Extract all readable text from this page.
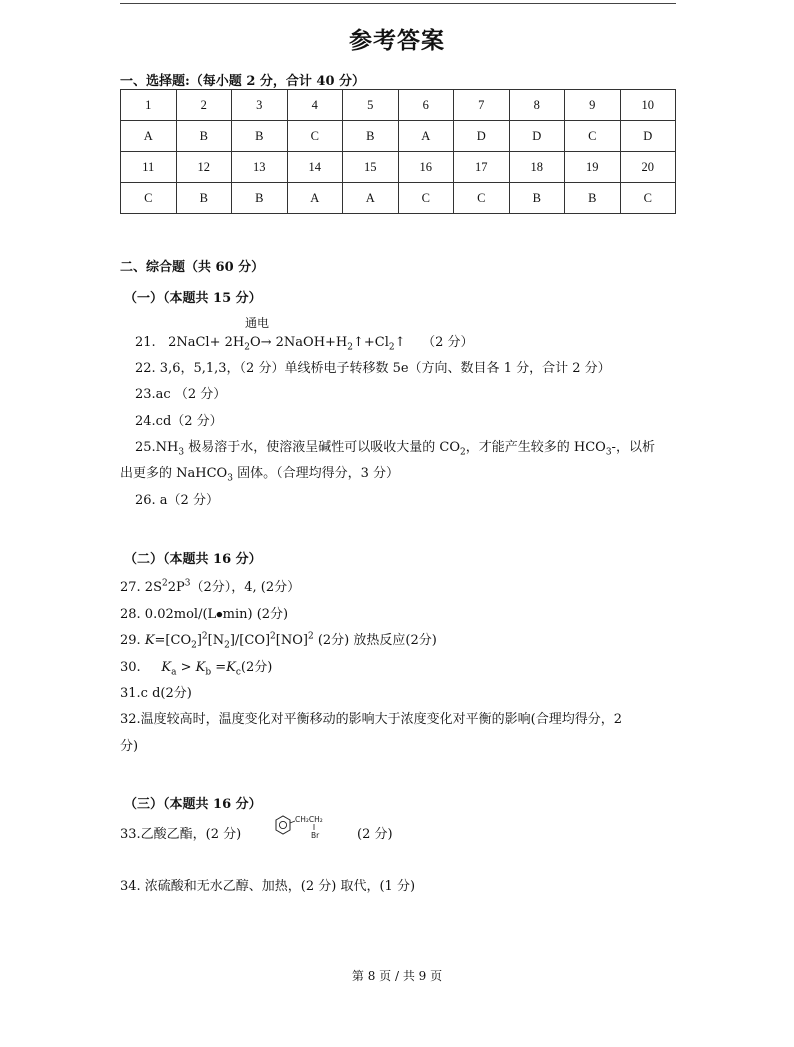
参考答案
一、选择题:（每小题 2 分，合计 40 分）
1	2	3	4	5	6	7	8	9	10
A	B	B	C	B	A	D	D	C	D
11	12	13	14	15	16	17	18	19	20
C	B	B	A	A	C	C	B	B	C
二、综合题（共 60 分）
（一）（本题共 15 分）
通电
21. 2NaCl+ $2H_2O\to$ $2NaOH+H_2↑+Cl_2↑$ （2 分）
22. 3,6，5,1,3，（2 分）单线桥电子转移数 5e（方向、数目各 1 分，合计 2 分）
23.ac （2 分）
24.cd（2 分）
$25.NH_3$ 极易溶于水，使溶液呈碱性可以吸收大量的 $CO_2$，才能产生较多的 $HCO_3-$，以析
出更多的 NaHCO$_3$ 固体。（合理均得分，3 分）
26. a（2 分）
（二）（本题共 16 分）
27. $2S^22P^3(2$分），4, (2分）
28. 0.02mol/(L⦁min) (2分)
29. $K=[CO_2]^2[N_2]/[CO]^2[NO]^2$ (2分) 放热反应(2分)
30. $K_a > K_b =K_c(2$分)
31.c d(2分)
32.温度较高时，温度变化对平衡移动的影响大于浓度变化对平衡的影响(合理均得分，2
分)
（三）（本题共 16 分）
33.乙酸乙酯，(2 分)
CH₂CH₂
Br	(2 分)
34. 浓硫酸和无水乙醇、加热，(2 分) 取代，(1 分)
第 8 页 / 共 9 页
